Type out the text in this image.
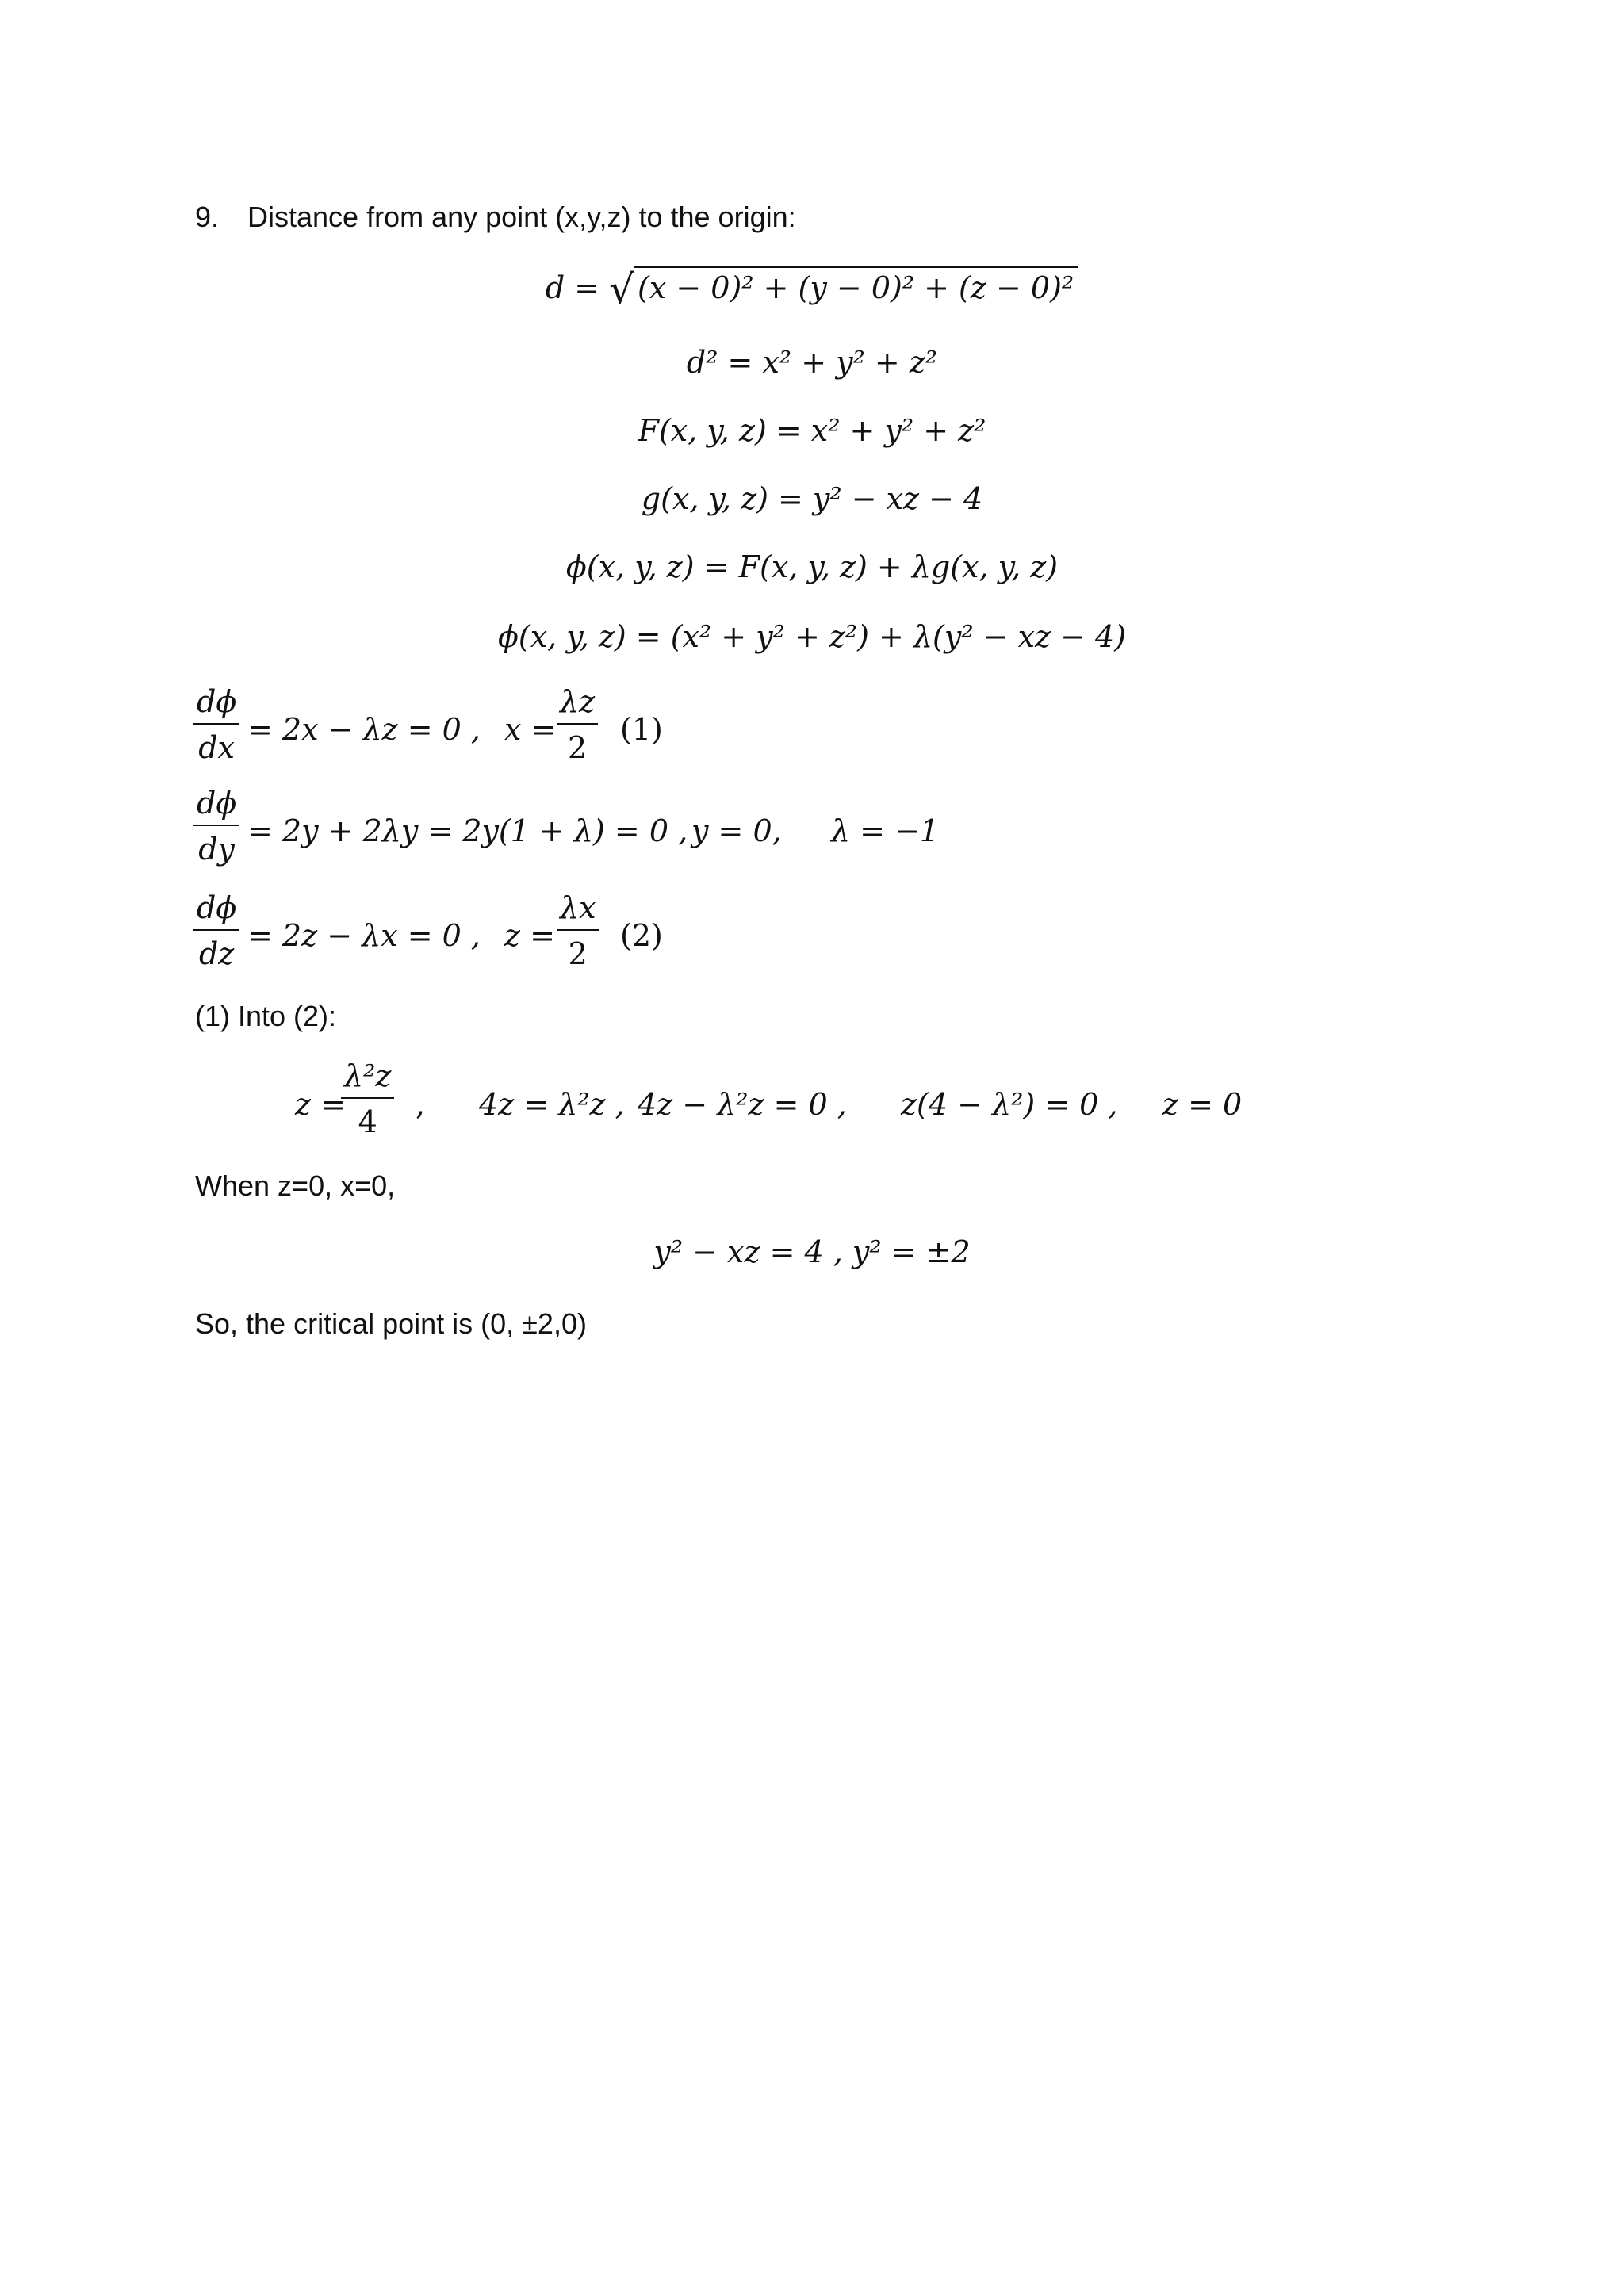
9. Distance from any point (x,y,z) to the origin:
d = √ (x − 0)² + (y − 0)² + (z − 0)²
d² = x² + y² + z²
F(x, y, z) = x² + y² + z²
g(x, y, z) = y² − xz − 4
ϕ(x, y, z) = F(x, y, z) + λg(x, y, z)
ϕ(x, y, z) = (x² + y² + z²) + λ(y² − xz − 4)
dϕ
dx
= 2x − λz = 0 , x =
λz
2
(1)
dϕ
dy
= 2y + 2λy = 2y(1 + λ) = 0 , y = 0, λ = −1
dϕ
dz
= 2z − λx = 0 , z =
λx
2
(2)
(1) Into (2):
z =
λ²z
4	, 4z = λ²z , 4z − λ²z = 0 , z(4 − λ²) = 0 , z = 0
When z=0, x=0,
y² − xz = 4 , y² = ±2
So, the critical point is (0, ±2,0)
